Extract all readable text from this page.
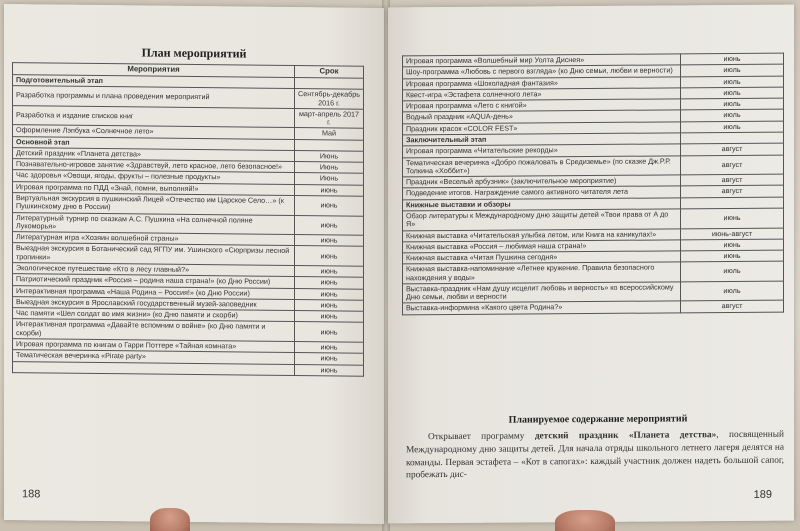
План мероприятий
Мероприятия	Срок
Подготовительный этап	
Разработка программы и плана проведения мероприятий	Сентябрь-декабрь 2016 г.
Разработка и издание списков книг	март-апрель 2017 г.
Оформление Лэпбука «Солнечное лето»	Май
Основной этап	
Детский праздник «Планета детства»	Июнь
Познавательно-игровое занятие «Здравствуй, лето красное, лето безопасное!»	Июнь
Час здоровья «Овощи, ягоды, фрукты – полезные продукты»	Июнь
Игровая программа по ПДД «Знай, помни, выполняй!»	июнь
Виртуальная экскурсия в пушкинский Лицей «Отечество им Царское Село…» (к Пушкинскому дню в России)	июнь
Литературный турнир по сказкам А.С. Пушкина «На солнечной поляне Лукоморья»	июнь
Литературная игра «Хозяин волшебной страны»	июнь
Выездная экскурсия в Ботанический сад ЯГПУ им. Ушинского «Сюрпризы лесной тропинки»	июнь
Экологическое путешествие «Кто в лесу главный?»	июнь
Патриотический праздник «Россия – родина наша страна!» (ко Дню России)	июнь
Интерактивная программа «Наша Родина – Россия!» (ко Дню России)	июнь
Выездная экскурсия в Ярославский государственный музей-заповедник	июнь
Час памяти «Шел солдат во имя жизни» (ко Дню памяти и скорби)	июнь
Интерактивная программа «Давайте вспомним о войне» (ко Дню памяти и скорби)	июнь
Игровая программа по книгам о Гарри Поттере «Тайная комната»	июнь
Тематическая вечеринка «Pirate party»	июнь
	июнь
188
Игровая программа «Волшебный мир Уолта Диснея»	июнь
Шоу-программа «Любовь с первого взгляда» (ко Дню семьи, любви и верности)	июль
Игровая программа «Шоколадная фантазия»	июль
Квест-игра «Эстафета солнечного лета»	июль
Игровая программа «Лето с книгой»	июль
Водный праздник «AQUA-день»	июль
Праздник красок «COLOR FEST»	июль
Заключительный этап	
Игровая программа «Читательские рекорды»	август
Тематическая вечеринка «Добро пожаловать в Средиземье» (по сказке Дж.Р.Р. Толкина «Хоббит»)	август
Праздник «Веселый арбузник» (заключительное мероприятие)	август
Подведение итогов. Награждение самого активного читателя лета	август
Книжные выставки и обзоры	
Обзор литературы к Международному дню защиты детей «Твои права от А до Я»	июнь
Книжная выставка «Читательская улыбка летом, или Книга на каникулах!»	июнь-август
Книжная выставка «Россия – любимая наша страна!»	июнь
Книжная выставка «Читая Пушкина сегодня»	июнь
Книжная выставка-напоминание «Летнее кружение. Правила безопасного нахождения у воды»	июль
Выставка-праздник «Нам душу исцелит любовь и верность» ко всероссийскому Дню семьи, любви и верности	июль
Выставка-информина «Какого цвета Родина?»	август
Планируемое содержание мероприятий
Открывает программу детский праздник «Планета детства», посвященный Международному дню защиты детей. Для начала отряды школьного летнего лагеря делятся на команды. Первая эстафета – «Кот в сапогах»: каждый участник должен надеть большой сапог, пробежать дис-
189
